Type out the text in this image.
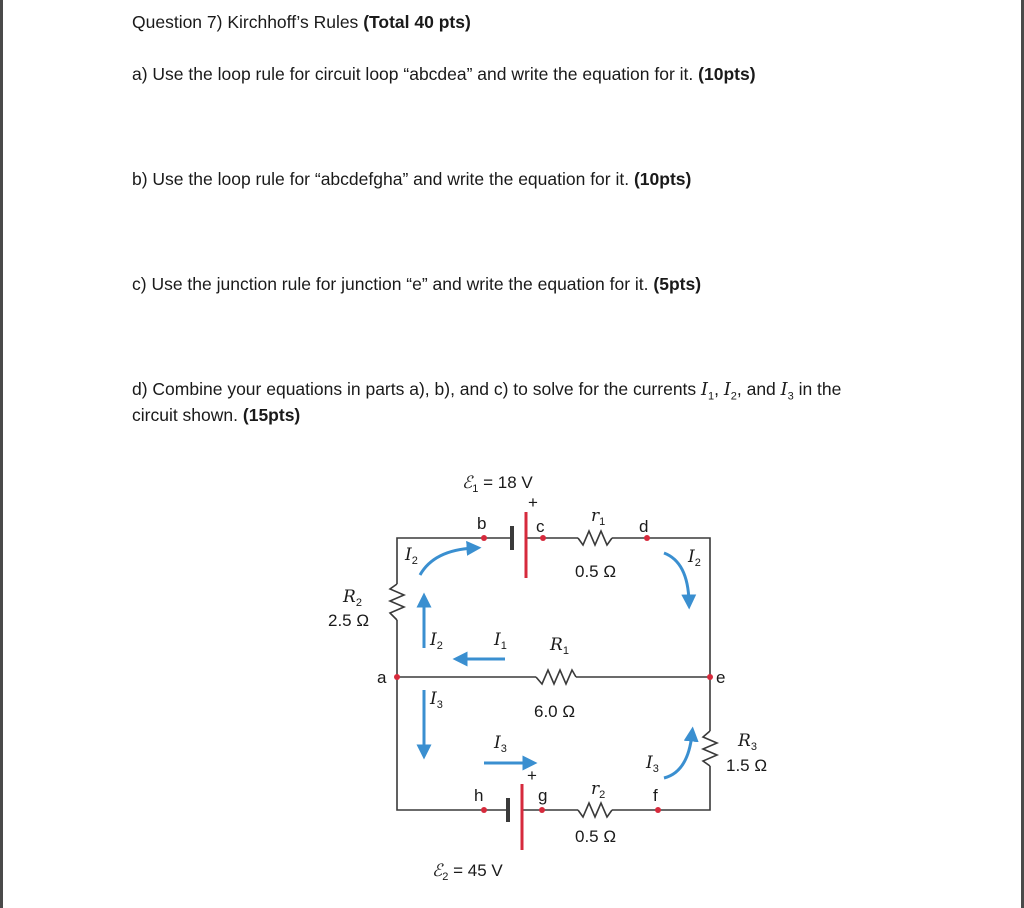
Question 7) Kirchhoff’s Rules (Total 40 pts)
a) Use the loop rule for circuit loop “abcdea” and write the equation for it. (10pts)
b) Use the loop rule for “abcdefgha” and write the equation for it. (10pts)
c) Use the junction rule for junction “e” and write the equation for it. (5pts)
d) Combine your equations in parts a), b), and c) to solve for the currents $I_1$, $I_2$, and $I_3$ in the
circuit shown. (15pts)
+
+
a
b	c	d
e
f
g
h
ℰ$_1$ = 18 V
ℰ$_2$ = 45 V
$r_1$
0.5 Ω
$r_2$
0.5 Ω
$R_1$
6.0 Ω
$R_2$
2.5 Ω
$R_3$
1.5 Ω
$I_2$	$I_2$
$I_2$	$I_1$
$I_3$
$I_3$
$I_3$
